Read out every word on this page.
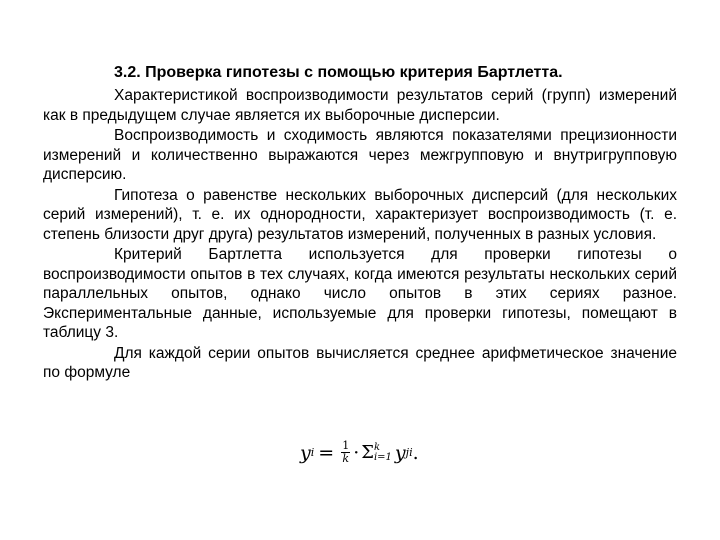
3.2. Проверка гипотезы с помощью критерия Бартлетта.

Характеристикой воспроизводимости результатов серий (групп) измерений как в предыдущем случае является их выборочные дисперсии.

Воспроизводимость и сходимость являются показателями прецизионности измерений и количественно выражаются через межгрупповую и внутригрупповую дисперсию.

Гипотеза о равенстве нескольких выборочных дисперсий (для нескольких серий измерений), т. е. их однородности, характеризует воспроизводимость (т. е. степень близости друг друга) результатов измерений, полученных в разных условия.

Критерий Бартлетта используется для проверки гипотезы о воспроизводимости опытов в тех случаях, когда имеются результаты нескольких серий параллельных опытов, однако число опытов в этих сериях разное. Экспериментальные данные, используемые для проверки гипотезы, помещают в таблицу 3.

Для каждой серии опытов вычисляется среднее арифметическое значение по формуле

y $i = \frac{1}{k} \cdot \Sigma$ k
i=1 y ji .
